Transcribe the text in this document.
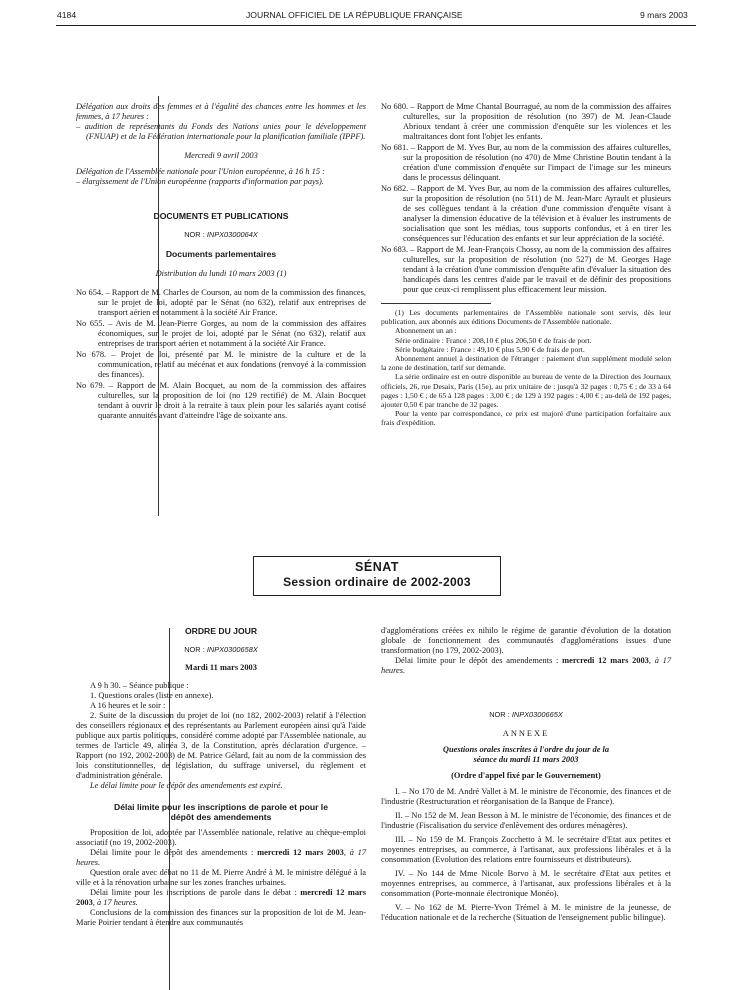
4184	JOURNAL OFFICIEL DE LA RÉPUBLIQUE FRANÇAISE	9 mars 2003

Délégation aux droits des femmes et à l'égalité des chances entre les hommes et les femmes, à 17 heures :

– audition de représentants du Fonds des Nations unies pour le développement (FNUAP) et de la Fédération internationale pour la planification familiale (IPPF).

Mercredi 9 avril 2003

Délégation de l'Assemblée nationale pour l'Union européenne, à 16 h 15 :

– élargissement de l'Union européenne (rapports d'information par pays).

DOCUMENTS ET PUBLICATIONS

NOR : INPX0300064X

Documents parlementaires

Distribution du lundi 10 mars 2003 (1)

No 654. – Rapport de M. Charles de Courson, au nom de la commission des finances, sur le projet de loi, adopté par le Sénat (no 632), relatif aux entreprises de transport aérien et notamment à la société Air France.

No 655. – Avis de M. Jean-Pierre Gorges, au nom de la commission des affaires économiques, sur le projet de loi, adopté par le Sénat (no 632), relatif aux entreprises de transport aérien et notamment à la société Air France.

No 678. – Projet de loi, présenté par M. le ministre de la culture et de la communication, relatif au mécénat et aux fondations (renvoyé à la commission des finances).

No 679. – Rapport de M. Alain Bocquet, au nom de la commission des affaires culturelles, sur la proposition de loi (no 129 rectifié) de M. Alain Bocquet tendant à ouvrir le droit à la retraite à taux plein pour les salariés ayant cotisé quarante annuités avant d'atteindre l'âge de soixante ans.

No 680. – Rapport de Mme Chantal Bourragué, au nom de la commission des affaires culturelles, sur la proposition de résolution (no 397) de M. Jean-Claude Abrioux tendant à créer une commission d'enquête sur les violences et les maltraitances dont font l'objet les enfants.

No 681. – Rapport de M. Yves Bur, au nom de la commission des affaires culturelles, sur la proposition de résolution (no 470) de Mme Christine Boutin tendant à la création d'une commission d'enquête sur l'impact de l'image sur les mineurs dans le processus délinquant.

No 682. – Rapport de M. Yves Bur, au nom de la commission des affaires culturelles, sur la proposition de résolution (no 511) de M. Jean-Marc Ayrault et plusieurs de ses collègues tendant à la création d'une commission d'enquête visant à analyser la dimension éducative de la télévision et à évaluer les instruments de socialisation que sont les médias, tous supports confondus, et à en tirer les conséquences sur l'éducation des enfants et sur leur appréciation de la société.

No 683. – Rapport de M. Jean-François Chossy, au nom de la commission des affaires culturelles, sur la proposition de résolution (no 527) de M. Georges Hage tendant à la création d'une commission d'enquête afin d'évaluer la situation des handicapés dans les centres d'aide par le travail et de définir des propositions pour que ceux-ci remplissent plus efficacement leur mission.

(1) Les documents parlementaires de l'Assemblée nationale sont servis, dès leur publication, aux abonnés aux éditions Documents de l'Assemblée nationale.

Abonnement un an :

Série ordinaire : France : 208,10 € plus 206,50 € de frais de port.

Série budgétaire : France : 49,10 € plus 5,90 € de frais de port.

Abonnement annuel à destination de l'étranger : paiement d'un supplément modulé selon la zone de destination, tarif sur demande.

La série ordinaire est en outre disponible au bureau de vente de la Direction des Journaux officiels, 26, rue Desaix, Paris (15e), au prix unitaire de : jusqu'à 32 pages : 0,75 € ; de 33 à 64 pages : 1,50 € ; de 65 à 128 pages : 3,00 € ; de 129 à 192 pages : 4,00 € ; au-delà de 192 pages, ajouter 0,50 € par tranche de 32 pages.

Pour la vente par correspondance, ce prix est majoré d'une participation forfaitaire aux frais d'expédition.

SÉNAT
Session ordinaire de 2002-2003

ORDRE DU JOUR

NOR : INPX0300658X

Mardi 11 mars 2003

A 9 h 30. – Séance publique :

1. Questions orales (liste en annexe).

A 16 heures et le soir :

2. Suite de la discussion du projet de loi (no 182, 2002-2003) relatif à l'élection des conseillers régionaux et des représentants au Parlement européen ainsi qu'à l'aide publique aux partis politiques, considéré comme adopté par l'Assemblée nationale, au termes de l'article 49, alinéa 3, de la Constitution, après déclaration d'urgence. – Rapport (no 192, 2002-2003) de M. Patrice Gélard, fait au nom de la commission des lois constitutionnelles, de législation, du suffrage universel, du règlement et d'administration générale.

Le délai limite pour le dépôt des amendements est expiré.

Délai limite pour les inscriptions de parole et pour le dépôt des amendements

Proposition de loi, adoptée par l'Assemblée nationale, relative au chèque-emploi associatif (no 19, 2002-2003).

Délai limite pour le dépôt des amendements : mercredi 12 mars 2003, à 17 heures.

Question orale avec débat no 11 de M. Pierre André à M. le ministre délégué à la ville et à la rénovation urbaine sur les zones franches urbaines.

Délai limite pour les inscriptions de parole dans le débat : mercredi 12 mars 2003, à 17 heures.

Conclusions de la commission des finances sur la proposition de loi de M. Jean-Marie Poirier tendant à étendre aux communautés

d'agglomérations créées ex nihilo le régime de garantie d'évolution de la dotation globale de fonctionnement des communautés d'agglomérations issues d'une transformation (no 179, 2002-2003).

Délai limite pour le dépôt des amendements : mercredi 12 mars 2003, à 17 heures.

NOR : INPX0300665X

ANNEXE

Questions orales inscrites à l'ordre du jour de la séance du mardi 11 mars 2003

(Ordre d'appel fixé par le Gouvernement)

I. – No 170 de M. André Vallet à M. le ministre de l'économie, des finances et de l'industrie (Restructuration et réorganisation de la Banque de France).

II. – No 152 de M. Jean Besson à M. le ministre de l'économie, des finances et de l'industrie (Fiscalisation du service d'enlèvement des ordures ménagères).

III. – No 159 de M. François Zocchetto à M. le secrétaire d'Etat aux petites et moyennes entreprises, au commerce, à l'artisanat, aux professions libérales et à la consommation (Evolution des relations entre fournisseurs et distributeurs).

IV. – No 144 de Mme Nicole Borvo à M. le secrétaire d'Etat aux petites et moyennes entreprises, au commerce, à l'artisanat, aux professions libérales et à la consommation (Porte-monnaie électronique Monéo).

V. – No 162 de M. Pierre-Yvon Trémel à M. le ministre de la jeunesse, de l'éducation nationale et de la recherche (Situation de l'enseignement public bilingue).
